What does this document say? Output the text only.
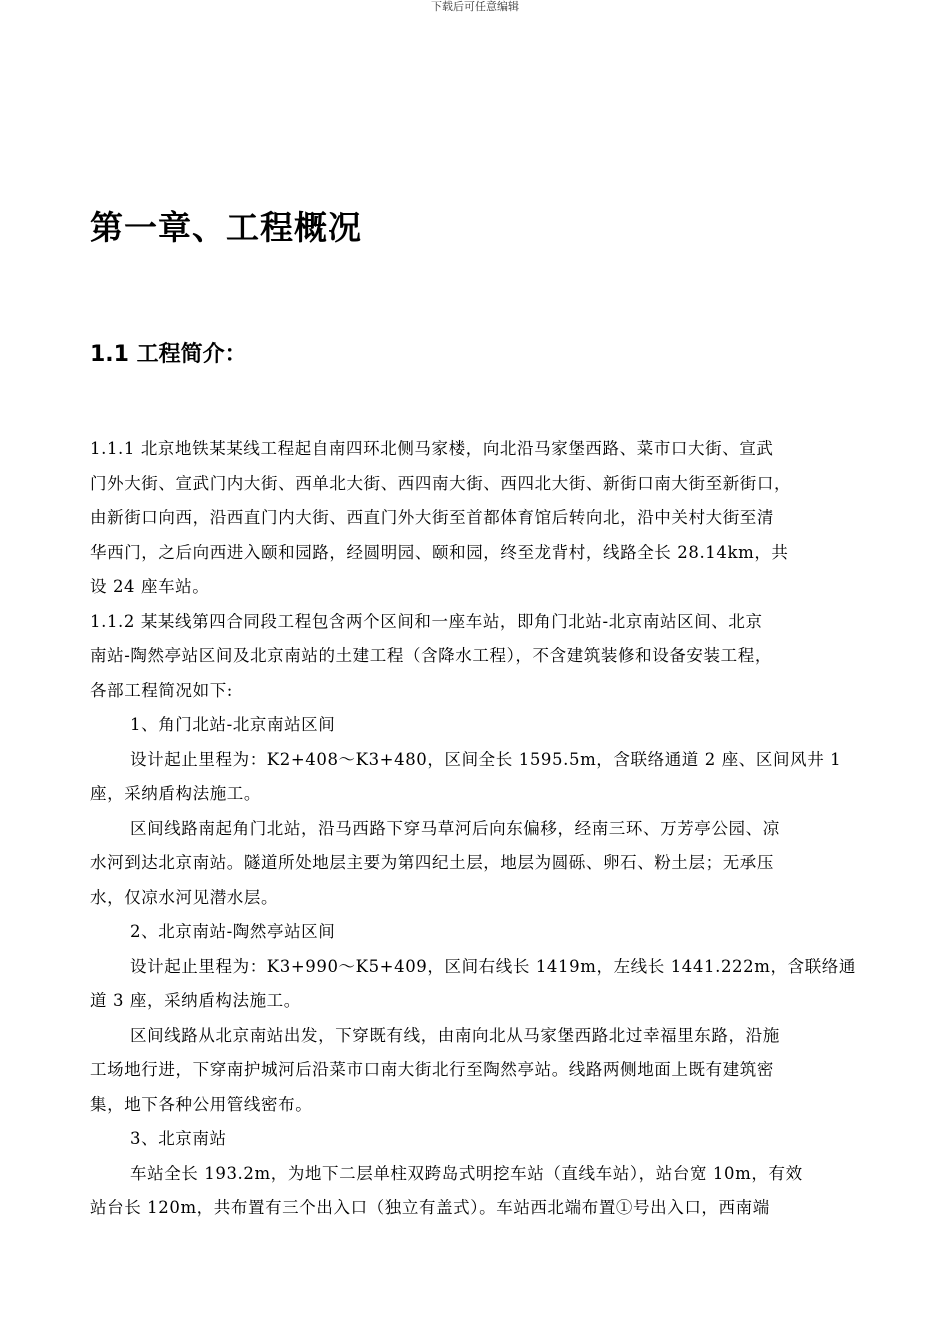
下载后可任意编辑
第一章、工程概况
1.1 工程简介：
1.1.1 北京地铁某某线工程起自南四环北侧马家楼，向北沿马家堡西路、菜市口大街、宣武
门外大街、宣武门内大街、西单北大街、西四南大街、西四北大街、新街口南大街至新街口，
由新街口向西，沿西直门内大街、西直门外大街至首都体育馆后转向北，沿中关村大街至清
华西门，之后向西进入颐和园路，经圆明园、颐和园，终至龙背村，线路全长 28.14km，共
设 24 座车站。
1.1.2 某某线第四合同段工程包含两个区间和一座车站，即角门北站-北京南站区间、北京
南站-陶然亭站区间及北京南站的土建工程（含降水工程），不含建筑装修和设备安装工程，
各部工程简况如下:
1、角门北站-北京南站区间
设计起止里程为：K2+408～K3+480，区间全长 1595.5m，含联络通道 2 座、区间风井 1
座，采纳盾构法施工。
区间线路南起角门北站，沿马西路下穿马草河后向东偏移，经南三环、万芳亭公园、凉
水河到达北京南站。隧道所处地层主要为第四纪土层，地层为圆砾、卵石、粉土层；无承压
水，仅凉水河见潜水层。
2、北京南站-陶然亭站区间
设计起止里程为：K3+990～K5+409，区间右线长 1419m，左线长 1441.222m，含联络通
道 3 座，采纳盾构法施工。
区间线路从北京南站出发，下穿既有线，由南向北从马家堡西路北过幸福里东路，沿施
工场地行进，下穿南护城河后沿菜市口南大街北行至陶然亭站。线路两侧地面上既有建筑密
集，地下各种公用管线密布。
3、北京南站
车站全长 193.2m，为地下二层单柱双跨岛式明挖车站（直线车站），站台宽 10m，有效
站台长 120m，共布置有三个出入口（独立有盖式）。车站西北端布置①号出入口，西南端
